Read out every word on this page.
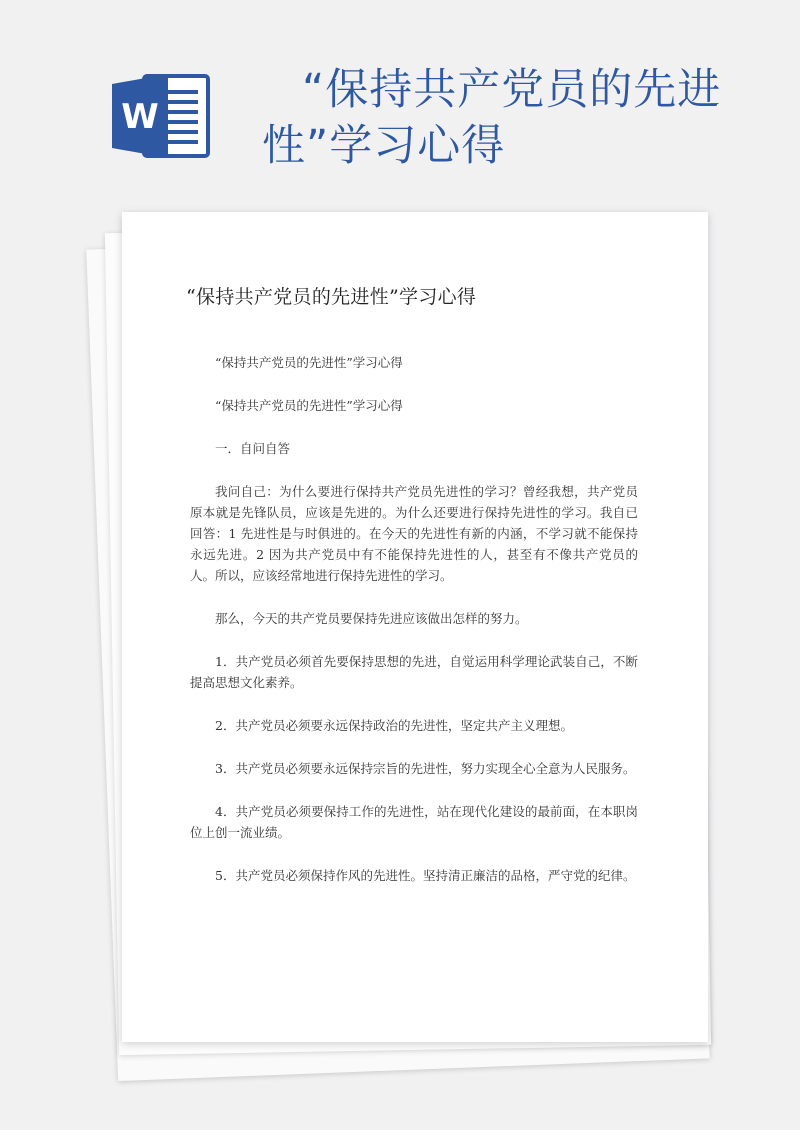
W
“保持共产党员的先进性”学习心得
“保持共产党员的先进性”学习心得

“保持共产党员的先进性”学习心得

“保持共产党员的先进性”学习心得

一．自问自答

我问自己：为什么要进行保持共产党员先进性的学习？曾经我想，共产党员原本就是先锋队员，应该是先进的。为什么还要进行保持先进性的学习。我自已回答：1 先进性是与时俱进的。在今天的先进性有新的内涵，不学习就不能保持永远先进。2 因为共产党员中有不能保持先进性的人，甚至有不像共产党员的人。所以，应该经常地进行保持先进性的学习。

那么，今天的共产党员要保持先进应该做出怎样的努力。

1．共产党员必须首先要保持思想的先进，自觉运用科学理论武装自己，不断提高思想文化素养。

2．共产党员必须要永远保持政治的先进性，坚定共产主义理想。

3．共产党员必须要永远保持宗旨的先进性，努力实现全心全意为人民服务。

4．共产党员必须要保持工作的先进性，站在现代化建设的最前面，在本职岗位上创一流业绩。

5．共产党员必须保持作风的先进性。坚持清正廉洁的品格，严守党的纪律。
